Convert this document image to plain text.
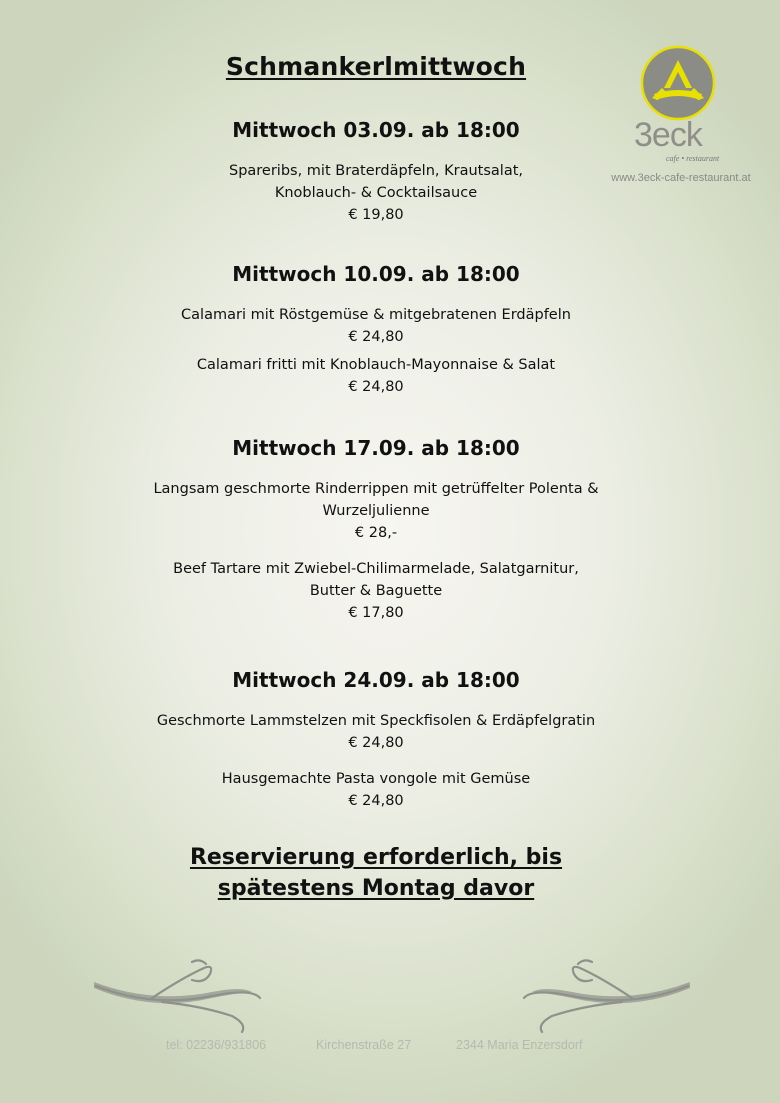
Schmankerlmittwoch
3eck
cafe • restaurant
www.3eck-cafe-restaurant.at
Mittwoch 03.09. ab 18:00
Spareribs, mit Braterdäpfeln, Krautsalat,
Knoblauch- & Cocktailsauce
€ 19,80
Mittwoch 10.09. ab 18:00
Calamari mit Röstgemüse & mitgebratenen Erdäpfeln
€ 24,80
Calamari fritti mit Knoblauch-Mayonnaise & Salat
€ 24,80
Mittwoch 17.09. ab 18:00
Langsam geschmorte Rinderrippen mit getrüffelter Polenta &
Wurzeljulienne
€ 28,-
Beef Tartare mit Zwiebel-Chilimarmelade, Salatgarnitur,
Butter & Baguette
€ 17,80
Mittwoch 24.09. ab 18:00
Geschmorte Lammstelzen mit Speckfisolen & Erdäpfelgratin
€ 24,80
Hausgemachte Pasta vongole mit Gemüse
€ 24,80
Reservierung erforderlich, bis
spätestens Montag davor
tel: 02236/931806	Kirchenstraße 27	2344 Maria Enzersdorf
